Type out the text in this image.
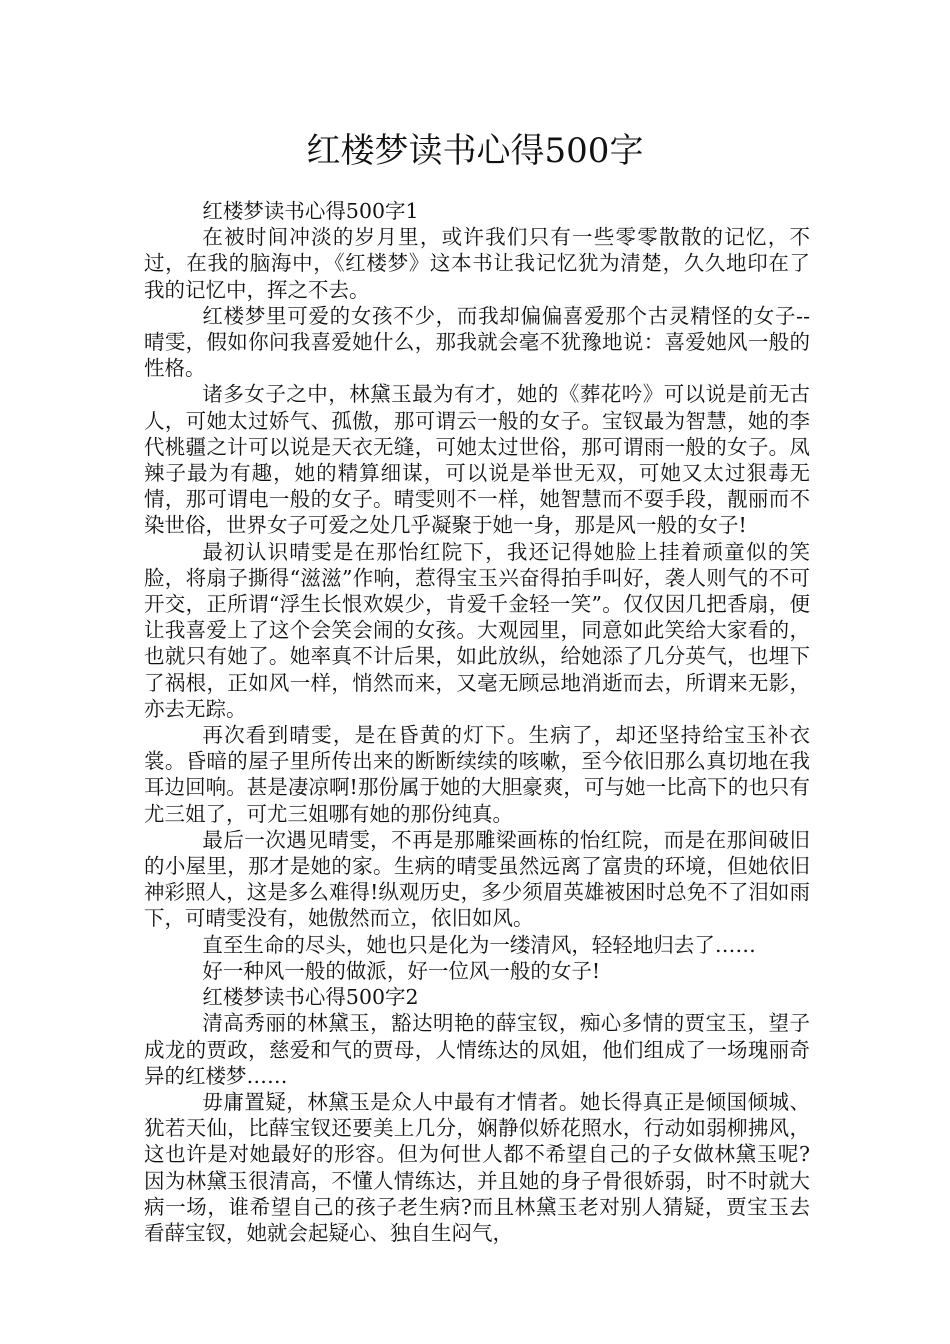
红楼梦读书心得500字

红楼梦读书心得500字1

在被时间冲淡的岁月里，或许我们只有一些零零散散的记忆，不过，在我的脑海中，《红楼梦》这本书让我记忆犹为清楚，久久地印在了我的记忆中，挥之不去。

红楼梦里可爱的女孩不少，而我却偏偏喜爱那个古灵精怪的女子--晴雯，假如你问我喜爱她什么，那我就会毫不犹豫地说：喜爱她风一般的性格。

诸多女子之中，林黛玉最为有才，她的《葬花吟》可以说是前无古人，可她太过娇气、孤傲，那可谓云一般的女子。宝钗最为智慧，她的李代桃疆之计可以说是天衣无缝，可她太过世俗，那可谓雨一般的女子。凤辣子最为有趣，她的精算细谋，可以说是举世无双，可她又太过狠毒无情，那可谓电一般的女子。晴雯则不一样，她智慧而不耍手段，靓丽而不染世俗，世界女子可爱之处几乎凝聚于她一身，那是风一般的女子!

最初认识晴雯是在那怡红院下，我还记得她脸上挂着顽童似的笑脸，将扇子撕得“滋滋”作响，惹得宝玉兴奋得拍手叫好，袭人则气的不可开交，正所谓“浮生长恨欢娱少，肯爱千金轻一笑”。仅仅因几把香扇，便让我喜爱上了这个会笑会闹的女孩。大观园里，同意如此笑给大家看的，也就只有她了。她率真不计后果，如此放纵，给她添了几分英气，也埋下了祸根，正如风一样，悄然而来，又毫无顾忌地消逝而去，所谓来无影，亦去无踪。

再次看到晴雯，是在昏黄的灯下。生病了，却还坚持给宝玉补衣裳。昏暗的屋子里所传出来的断断续续的咳嗽，至今依旧那么真切地在我耳边回响。甚是凄凉啊!那份属于她的大胆豪爽，可与她一比高下的也只有尤三姐了，可尤三姐哪有她的那份纯真。

最后一次遇见晴雯，不再是那雕梁画栋的怡红院，而是在那间破旧的小屋里，那才是她的家。生病的晴雯虽然远离了富贵的环境，但她依旧神彩照人，这是多么难得!纵观历史，多少须眉英雄被困时总免不了泪如雨下，可晴雯没有，她傲然而立，依旧如风。

直至生命的尽头，她也只是化为一缕清风，轻轻地归去了……

好一种风一般的做派，好一位风一般的女子!

红楼梦读书心得500字2

清高秀丽的林黛玉，豁达明艳的薛宝钗，痴心多情的贾宝玉，望子成龙的贾政，慈爱和气的贾母，人情练达的凤姐，他们组成了一场瑰丽奇异的红楼梦……

毋庸置疑，林黛玉是众人中最有才情者。她长得真正是倾国倾城、犹若天仙，比薛宝钗还要美上几分，娴静似娇花照水，行动如弱柳拂风，这也许是对她最好的形容。但为何世人都不希望自己的子女做林黛玉呢?因为林黛玉很清高，不懂人情练达，并且她的身子骨很娇弱，时不时就大病一场，谁希望自己的孩子老生病?而且林黛玉老对别人猜疑，贾宝玉去看薛宝钗，她就会起疑心、独自生闷气，
